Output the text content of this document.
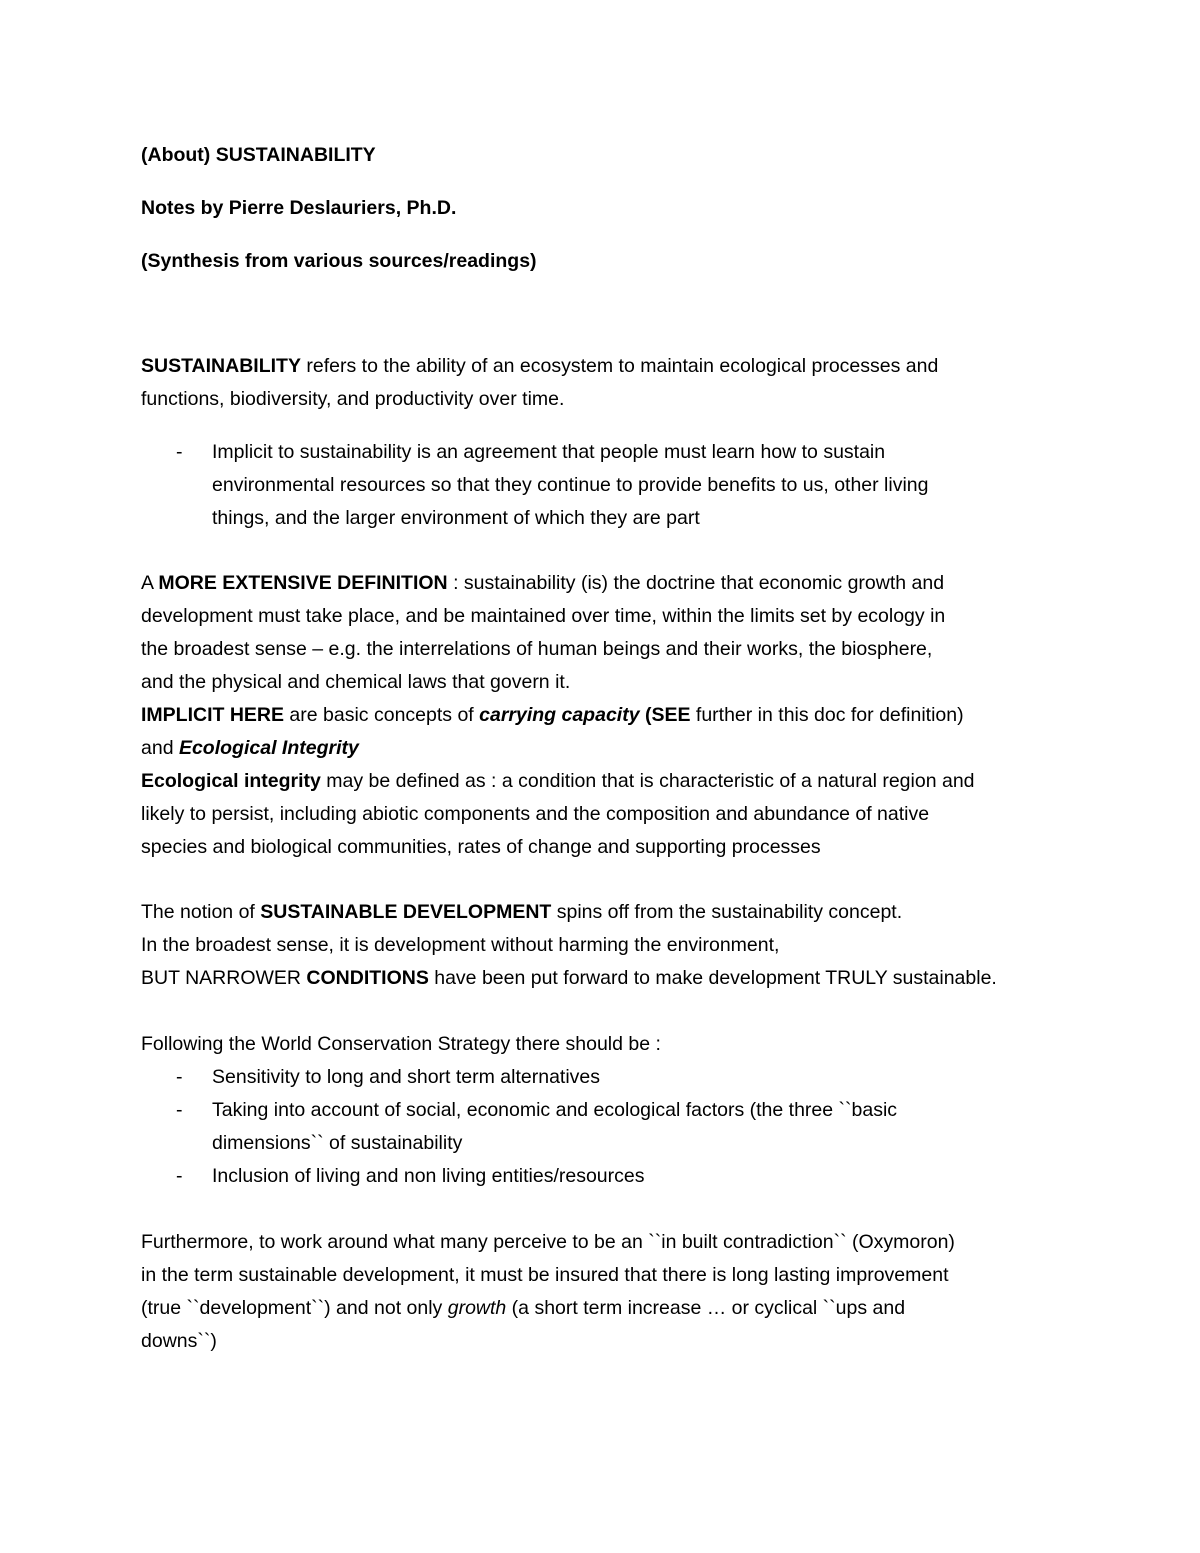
(About) SUSTAINABILITY
Notes by Pierre Deslauriers, Ph.D.
(Synthesis from various sources/readings)
SUSTAINABILITY refers to the ability of an ecosystem to maintain ecological processes and
functions, biodiversity, and productivity over time.
- Implicit to sustainability is an agreement that people must learn how to sustain
environmental resources so that they continue to provide benefits to us, other living
things, and the larger environment of which they are part
A MORE EXTENSIVE DEFINITION : sustainability (is) the doctrine that economic growth and
development must take place, and be maintained over time, within the limits set by ecology in
the broadest sense – e.g. the interrelations of human beings and their works, the biosphere,
and the physical and chemical laws that govern it.
IMPLICIT HERE are basic concepts of carrying capacity (SEE further in this doc for definition)
and Ecological Integrity
Ecological integrity may be defined as : a condition that is characteristic of a natural region and
likely to persist, including abiotic components and the composition and abundance of native
species and biological communities, rates of change and supporting processes
The notion of SUSTAINABLE DEVELOPMENT spins off from the sustainability concept.
In the broadest sense, it is development without harming the environment,
BUT NARROWER CONDITIONS have been put forward to make development TRULY sustainable.
Following the World Conservation Strategy there should be :
- Sensitivity to long and short term alternatives
- Taking into account of social, economic and ecological factors (the three ``basic
dimensions`` of sustainability
- Inclusion of living and non living entities/resources
Furthermore, to work around what many perceive to be an ``in built contradiction`` (Oxymoron)
in the term sustainable development, it must be insured that there is long lasting improvement
(true ``development``) and not only growth (a short term increase … or cyclical ``ups and
downs``)
